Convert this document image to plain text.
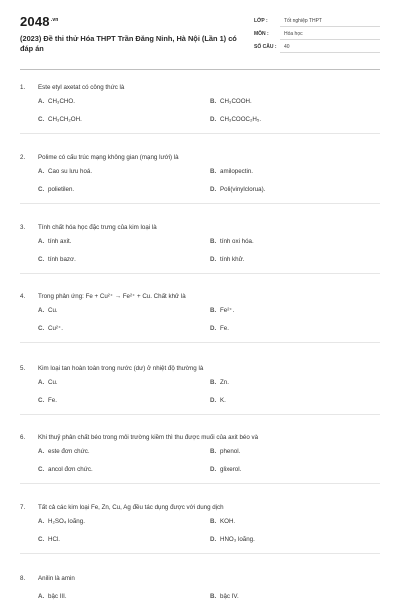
$2048^{.vn}$
(2023) Đề thi thử Hóa THPT Trần Đăng Ninh, Hà Nội (Lần 1) có đáp án
LỚP :	Tốt nghiệp THPT
MÔN :	Hóa học
SỐ CÂU : 40
1. Este etyl axetat có công thức là
A. CH₃CHO.	B. CH₃COOH.
C. CH₃CH₂OH.	D. CH₃COOC₂H₅.
2. Polime có cấu trúc mạng không gian (mạng lưới) là
A. Cao su lưu hoá.	B. amilopectin.
C. polietilen.	D. Poli(vinylclorua).
3. Tính chất hóa học đặc trưng của kim loại là
A. tính axit.	B. tính oxi hóa.
C. tính bazơ.	D. tính khử.
4. Trong phản ứng: Fe + Cu²⁺ → Fe²⁺ + Cu. Chất khử là
A. Cu.	B. Fe²⁺.
C. Cu²⁺.	D. Fe.
5. Kim loại tan hoàn toàn trong nước (dư) ở nhiệt độ thường là
A. Cu.	B. Zn.
C. Fe.	D. K.
6. Khi thuỷ phân chất béo trong môi trường kiềm thì thu được muối của axit béo và
A. este đơn chức.	B. phenol.
C. ancol đơn chức.	D. glixerol.
7. Tất cả các kim loại Fe, Zn, Cu, Ag đều tác dụng được với dung dịch
A. H₂SO₄ loãng.	B. KOH.
C. HCl.	D. HNO₃ loãng.
8. Anilin là amin
A. bậc III.	B. bậc IV.
